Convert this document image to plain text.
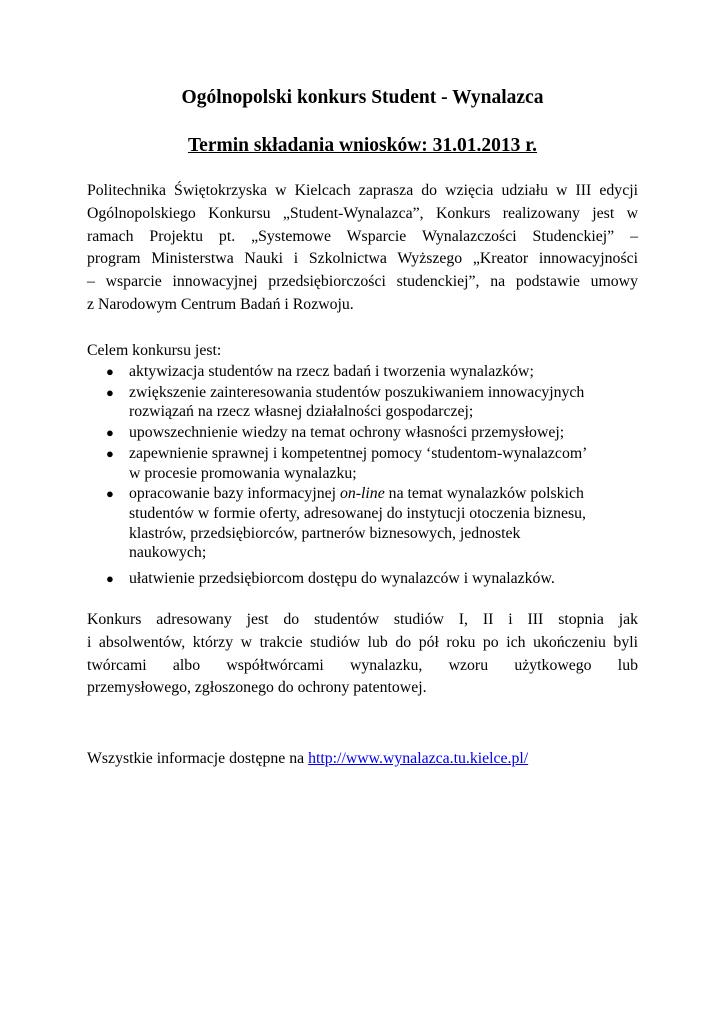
Ogólnopolski konkurs Student - Wynalazca
Termin składania wniosków: 31.01.2013 r.
Politechnika Świętokrzyska w Kielcach zaprasza do wzięcia udziału w III edycji
Ogólnopolskiego Konkursu „Student-Wynalazca”, Konkurs realizowany jest w
ramach Projektu pt. „Systemowe Wsparcie Wynalazczości Studenckiej” –
program Ministerstwa Nauki i Szkolnictwa Wyższego „Kreator innowacyjności
– wsparcie innowacyjnej przedsiębiorczości studenckiej”, na podstawie umowy
z Narodowym Centrum Badań i Rozwoju.
Celem konkursu jest:
● aktywizacja studentów na rzecz badań i tworzenia wynalazków;
● zwiększenie zainteresowania studentów poszukiwaniem innowacyjnych
rozwiązań na rzecz własnej działalności gospodarczej;
● upowszechnienie wiedzy na temat ochrony własności przemysłowej;
● zapewnienie sprawnej i kompetentnej pomocy ‘studentom-wynalazcom’
w procesie promowania wynalazku;
● opracowanie bazy informacyjnej on-line na temat wynalazków polskich
studentów w formie oferty, adresowanej do instytucji otoczenia biznesu,
klastrów, przedsiębiorców, partnerów biznesowych, jednostek
naukowych;
● ułatwienie przedsiębiorcom dostępu do wynalazców i wynalazków.
Konkurs adresowany jest do studentów studiów I, II i III stopnia jak
i absolwentów, którzy w trakcie studiów lub do pół roku po ich ukończeniu byli
twórcami albo współtwórcami wynalazku, wzoru użytkowego lub
przemysłowego, zgłoszonego do ochrony patentowej.
Wszystkie informacje dostępne na http://www.wynalazca.tu.kielce.pl/
